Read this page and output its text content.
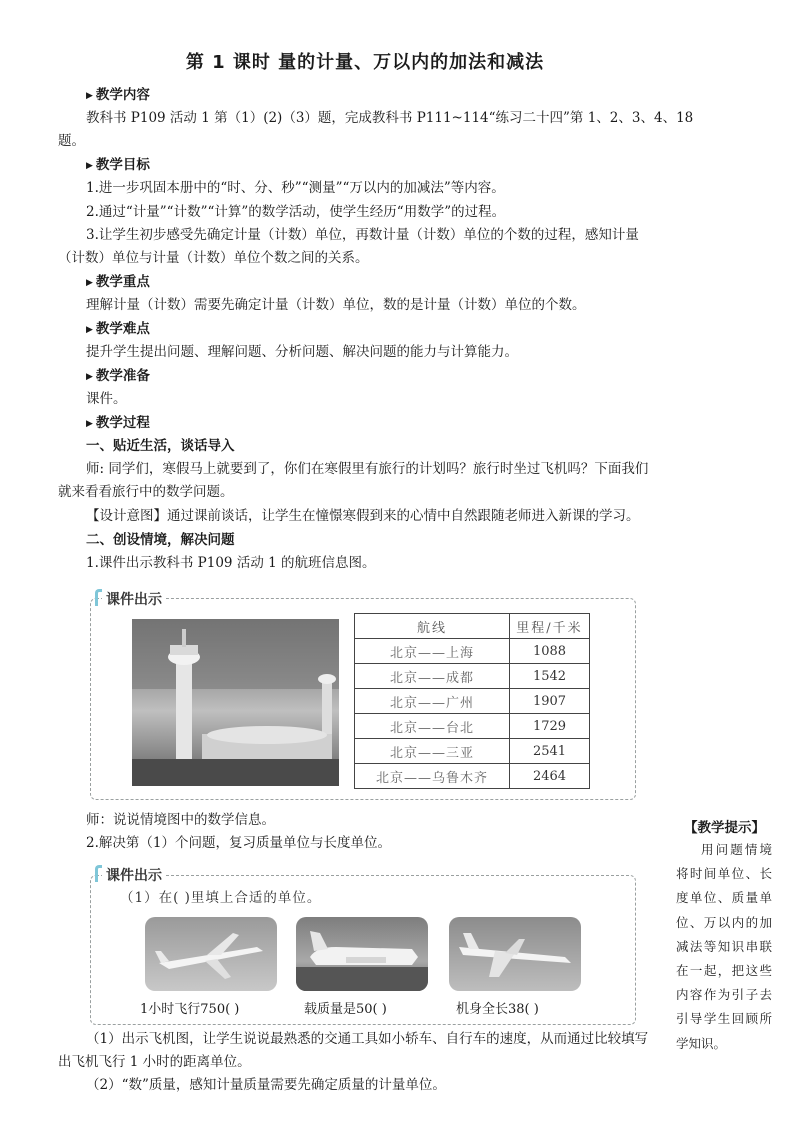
第 1 课时 量的计量、万以内的加法和减法
▶ 教学内容
教科书 P109 活动 1 第（1）(2)（3）题，完成教科书 P111~114“练习二十四”第 1、2、3、4、18
题。
▶ 教学目标
1.进一步巩固本册中的“时、分、秒”“测量”“万以内的加减法”等内容。
2.通过“计量”“计数”“计算”的数学活动，使学生经历“用数学”的过程。
3.让学生初步感受先确定计量（计数）单位，再数计量（计数）单位的个数的过程，感知计量
（计数）单位与计量（计数）单位个数之间的关系。
▶ 教学重点
理解计量（计数）需要先确定计量（计数）单位，数的是计量（计数）单位的个数。
▶ 教学难点
提升学生提出问题、理解问题、分析问题、解决问题的能力与计算能力。
▶ 教学准备
课件。
▶ 教学过程
一、贴近生活，谈话导入
师: 同学们，寒假马上就要到了，你们在寒假里有旅行的计划吗？旅行时坐过飞机吗？下面我们
就来看看旅行中的数学问题。
【设计意图】通过课前谈话，让学生在憧憬寒假到来的心情中自然跟随老师进入新课的学习。
二、创设情境，解决问题
1.课件出示教科书 P109 活动 1 的航班信息图。
课件出示
航线	里程/千米
北京——上海	1088
北京——成都	1542
北京——广州	1907
北京——台北	1729
北京——三亚	2541
北京——乌鲁木齐	2464
师：说说情境图中的数学信息。
2.解决第（1）个问题，复习质量单位与长度单位。
课件出示
（1）在( )里填上合适的单位。
1小时飞行750( )	载质量是50( )	机身全长38( )
（1）出示飞机图，让学生说说最熟悉的交通工具如小轿车、自行车的速度，从而通过比较填写
出飞机飞行 1 小时的距离单位。
（2）“数”质量，感知计量质量需要先确定质量的计量单位。
【教学提示】
用问题情境将时间单位、长度单位、质量单位、万以内的加减法等知识串联在一起，把这些内容作为引子去引导学生回顾所学知识。
